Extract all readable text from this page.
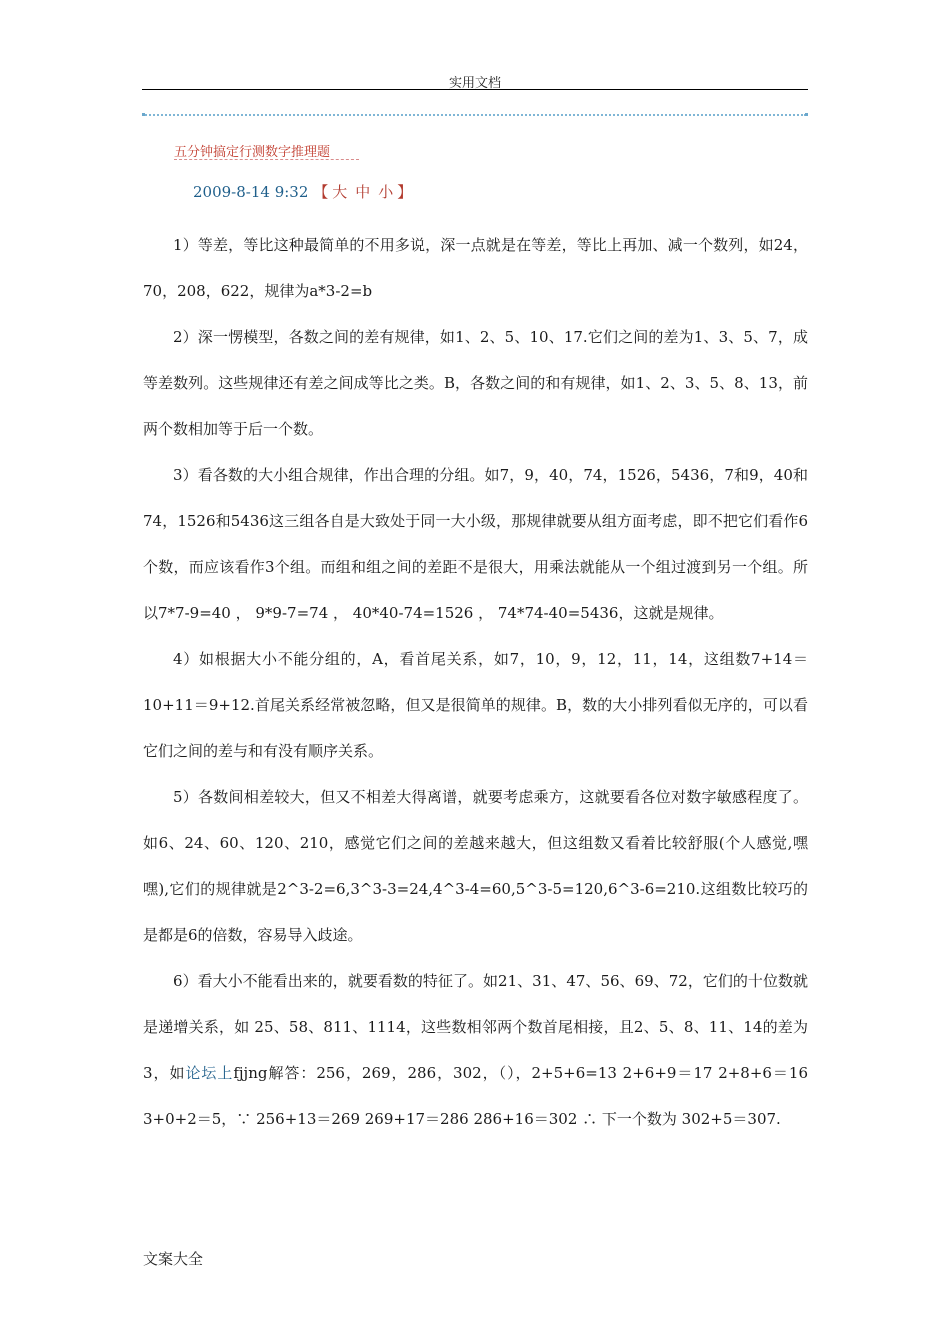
实用文档
五分钟搞定行测数字推理题
2009-8-14 9:32 【 大 中 小 】

1）等差，等比这种最简单的不用多说，深一点就是在等差，等比上再加、减一个数列，如24，70，208，622，规律为a*3-2=b

2）深一愣模型，各数之间的差有规律，如1、2、5、10、17.它们之间的差为1、3、5、7，成等差数列。这些规律还有差之间成等比之类。B，各数之间的和有规律，如1、2、3、5、8、13，前两个数相加等于后一个数。

3）看各数的大小组合规律，作出合理的分组。如7，9，40，74，1526，5436，7和9，40和74，1526和5436这三组各自是大致处于同一大小级，那规律就要从组方面考虑，即不把它们看作6个数，而应该看作3个组。而组和组之间的差距不是很大，用乘法就能从一个组过渡到另一个组。所以7*7-9=40 ， 9*9-7=74 ， 40*40-74=1526 ， 74*74-40=5436，这就是规律。

4）如根据大小不能分组的，A，看首尾关系，如7，10，9，12，11，14，这组数7+14＝10+11＝9+12.首尾关系经常被忽略，但又是很简单的规律。B，数的大小排列看似无序的，可以看它们之间的差与和有没有顺序关系。

5）各数间相差较大，但又不相差大得离谱，就要考虑乘方，这就要看各位对数字敏感程度了。如6、24、60、120、210，感觉它们之间的差越来越大，但这组数又看着比较舒服(个人感觉,嘿嘿),它们的规律就是2^3-2=6,3^3-3=24,4^3-4=60,5^3-5=120,6^3-6=210.这组数比较巧的是都是6的倍数，容易导入歧途。

6）看大小不能看出来的，就要看数的特征了。如21、31、47、56、69、72，它们的十位数就是递增关系，如 25、58、811、1114，这些数相邻两个数首尾相接，且2、5、8、11、14的差为3，如论坛上fjjng解答：256，269，286，302，（），2+5+6=13 2+6+9＝17 2+8+6＝16 3+0+2＝5，∵ 256+13＝269 269+17＝286 286+16＝302 ∴ 下一个数为 302+5＝307.

文案大全
